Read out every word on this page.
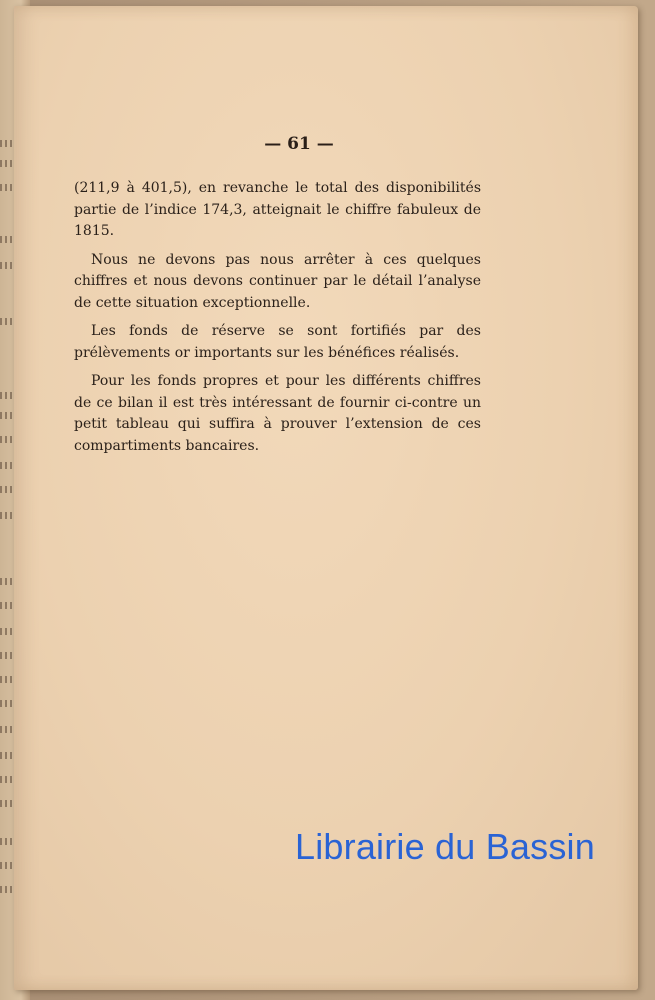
— 61 —

(211,9 à 401,5), en revanche le total des disponibilités partie de l’indice 174,3, atteignait le chiffre fabuleux de 1815.

Nous ne devons pas nous arrêter à ces quelques chiffres et nous devons continuer par le détail l’analyse de cette situation exceptionnelle.

Les fonds de réserve se sont fortifiés par des prélèvements or importants sur les bénéfices réalisés.

Pour les fonds propres et pour les différents chiffres de ce bilan il est très intéressant de fournir ci-contre un petit tableau qui suffira à prouver l’extension de ces compartiments bancaires.

Librairie du Bassin
